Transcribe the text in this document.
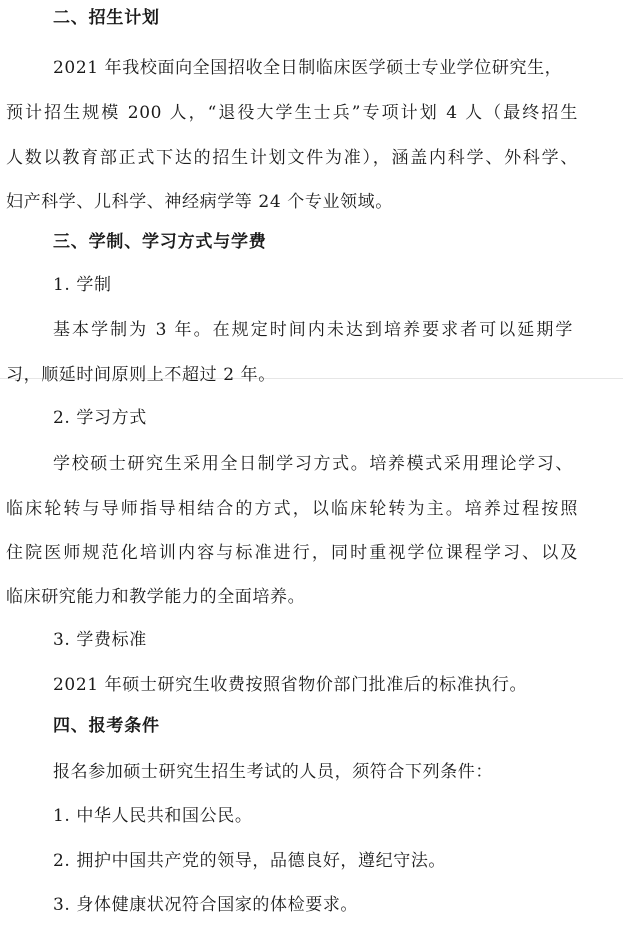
二、招生计划
2021 年我校面向全国招收全日制临床医学硕士专业学位研究生，
预计招生规模 200 人，“退役大学生士兵”专项计划 4 人（最终招生
人数以教育部正式下达的招生计划文件为准），涵盖内科学、外科学、
妇产科学、儿科学、神经病学等 24 个专业领域。
三、学制、学习方式与学费
1. 学制
基本学制为 3 年。在规定时间内未达到培养要求者可以延期学
习，顺延时间原则上不超过 2 年。
2. 学习方式
学校硕士研究生采用全日制学习方式。培养模式采用理论学习、
临床轮转与导师指导相结合的方式，以临床轮转为主。培养过程按照
住院医师规范化培训内容与标准进行，同时重视学位课程学习、以及
临床研究能力和教学能力的全面培养。
3. 学费标准
2021 年硕士研究生收费按照省物价部门批准后的标准执行。
四、报考条件
报名参加硕士研究生招生考试的人员，须符合下列条件：
1. 中华人民共和国公民。
2. 拥护中国共产党的领导，品德良好，遵纪守法。
3. 身体健康状况符合国家的体检要求。
